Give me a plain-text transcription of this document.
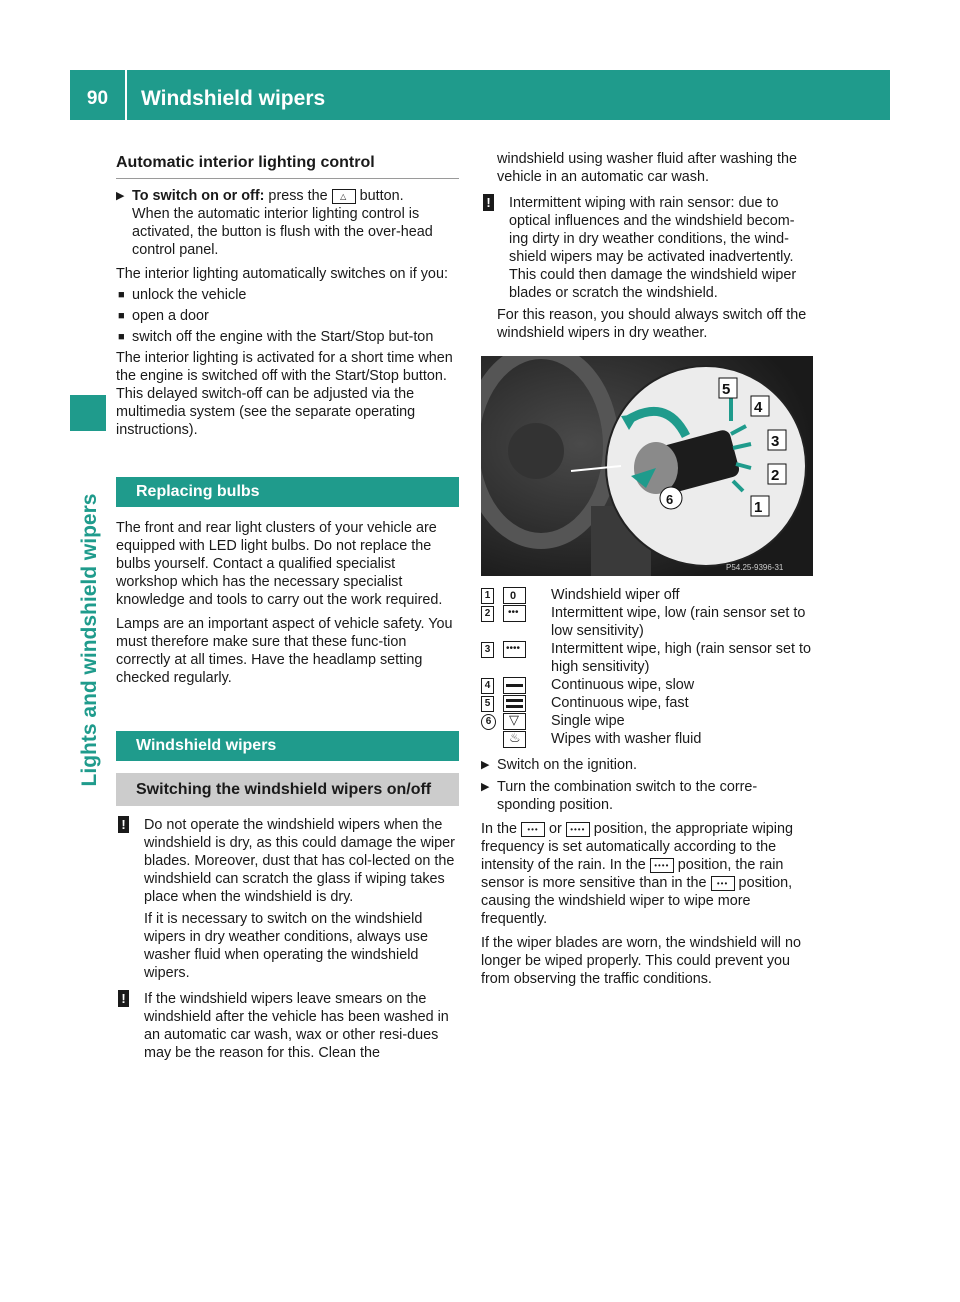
90	Windshield wipers
Lights and windshield wipers
Automatic interior lighting control

▶ To switch on or off: press the △ button.

When the automatic interior lighting control is activated, the button is flush with the over-head control panel.

The interior lighting automatically switches on if you:

■ unlock the vehicle

■ open a door

■ switch off the engine with the Start/Stop but-ton

The interior lighting is activated for a short time when the engine is switched off with the Start/Stop button. This delayed switch-off can be adjusted via the multimedia system (see the separate operating instructions).

Replacing bulbs

The front and rear light clusters of your vehicle are equipped with LED light bulbs. Do not replace the bulbs yourself. Contact a qualified specialist workshop which has the necessary specialist knowledge and tools to carry out the work required.

Lamps are an important aspect of vehicle safety. You must therefore make sure that these func-tion correctly at all times. Have the headlamp setting checked regularly.

Windshield wipers
Switching the windshield wipers on/off

! Do not operate the windshield wipers when the windshield is dry, as this could damage the wiper blades. Moreover, dust that has col-lected on the windshield can scratch the glass if wiping takes place when the windshield is dry.

If it is necessary to switch on the windshield wipers in dry weather conditions, always use washer fluid when operating the windshield wipers.

! If the windshield wipers leave smears on the windshield after the vehicle has been washed in an automatic car wash, wax or other resi-dues may be the reason for this. Clean the

windshield using washer fluid after washing the vehicle in an automatic car wash.

! Intermittent wiping with rain sensor: due to optical influences and the windshield becom-ing dirty in dry weather conditions, the wind-shield wipers may be activated inadvertently. This could then damage the windshield wiper blades or scratch the windshield.

For this reason, you should always switch off the windshield wipers in dry weather.

5
4
3
2
1
6
P54.25-9396-31

1	0 Windshield wiper off

2	••• Intermittent wipe, low (rain sensor set to low sensitivity)

3	•••• Intermittent wipe, high (rain sensor set to high sensitivity)

4	Continuous wipe, slow

5	Continuous wipe, fast

6	▽ Single wipe

♨ Wipes with washer fluid

▶ Switch on the ignition.

▶ Turn the combination switch to the corre-sponding position.

In the ••• or •••• position, the appropriate wiping frequency is set automatically according to the intensity of the rain. In the •••• position, the rain sensor is more sensitive than in the ••• position, causing the windshield wiper to wipe more frequently.

If the wiper blades are worn, the windshield will no longer be wiped properly. This could prevent you from observing the traffic conditions.
